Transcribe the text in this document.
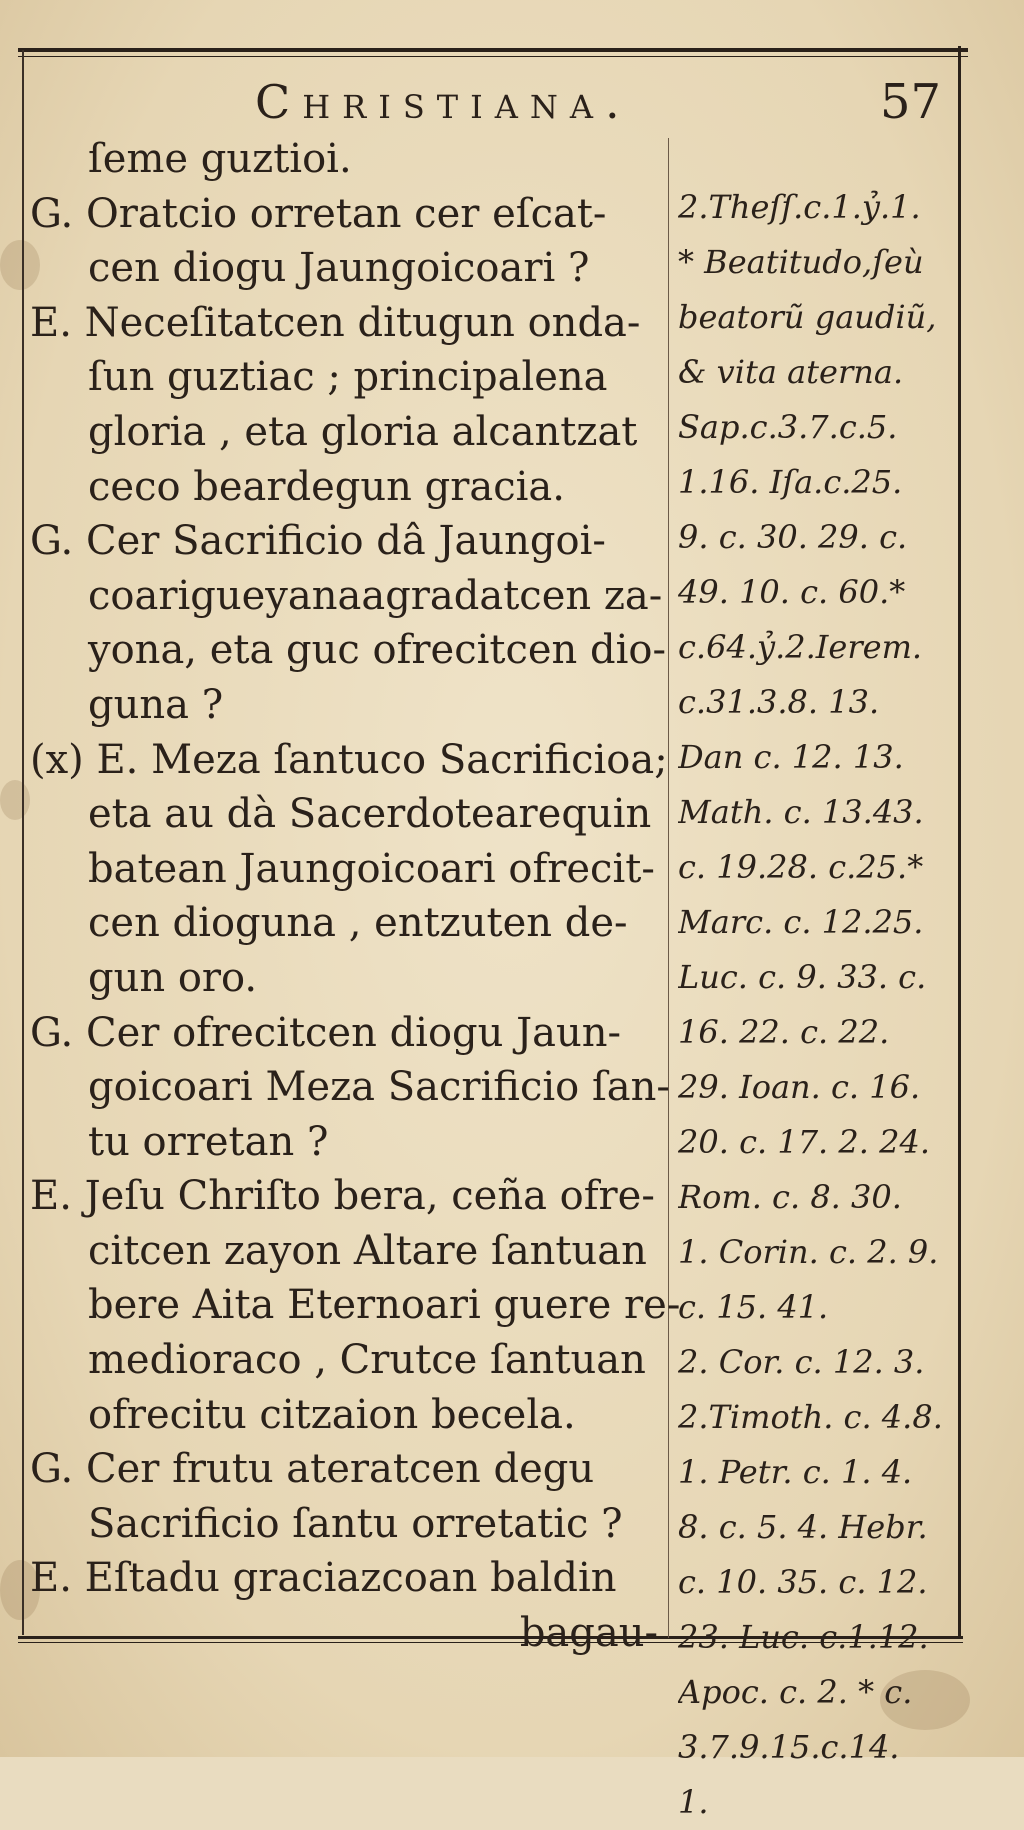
Christiana.	57
ſeme guztioi.
G. Oratcio orretan cer eſcat-
cen diogu Jaungoicoari ?
E. Neceſitatcen ditugun onda-
ſun guztiac ; principalena
gloria , eta gloria alcantzat
ceco beardegun gracia.
G. Cer Sacrificio dâ Jaungoi-
coarigueyanaagradatcen za-
yona, eta guc ofrecitcen dio-
guna ?
(x) E. Meza ſantuco Sacrificioa;
eta au dà Sacerdotearequin
batean Jaungoicoari ofrecit-
cen dioguna , entzuten de-
gun oro.
G. Cer ofrecitcen diogu Jaun-
goicoari Meza Sacrificio ſan-
tu orretan ?
E. Jeſu Chriſto bera, ceña ofre-
citcen zayon Altare ſantuan
bere Aita Eternoari guere re-
medioraco , Crutce ſantuan
ofrecitu citzaion becela.
G. Cer frutu ateratcen degu
Sacrificio ſantu orretatic ?
E. Eſtadu graciazcoan baldin
bagau-
2.Theſſ.c.1.ỷ.1.
* Beatitudo,ſeù
beatorũ gaudiũ,
& vita aterna.
Sap.c.3.7.c.5.
1.16. Iſa.c.25.
9. c. 30. 29. c.
49. 10. c. 60.*
c.64.ỷ.2.Ierem.
c.31.3.8. 13.
Dan c. 12. 13.
Math. c. 13.43.
c. 19.28. c.25.*
Marc. c. 12.25.
Luc. c. 9. 33. c.
16. 22. c. 22.
29. Ioan. c. 16.
20. c. 17. 2. 24.
Rom. c. 8. 30.
1. Corin. c. 2. 9.
c. 15. 41.
2. Cor. c. 12. 3.
2.Timoth. c. 4.8.
1. Petr. c. 1. 4.
8. c. 5. 4. Hebr.
c. 10. 35. c. 12.
23. Luc. c.1.12.
Apoc. c. 2. * c.
3.7.9.15.c.14.
1.
